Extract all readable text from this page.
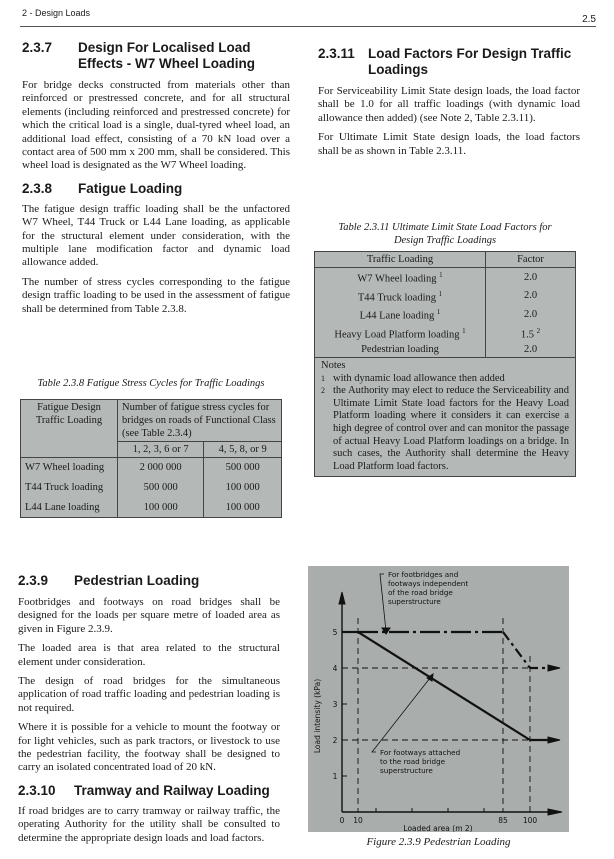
2 - Design Loads
2.5
2.3.7	Design For Localised Load Effects - W7 Wheel Loading

For bridge decks constructed from materials other than reinforced or prestressed concrete, and for all structural elements (including reinforced and prestressed concrete) for which the critical load is a single, dual-tyred wheel load, an additional load effect, consisting of a 70 kN load over a contact area of 500 mm x 200 mm, shall be considered. This wheel load is designated as the W7 Wheel loading.

2.3.8	Fatigue Loading

The fatigue design traffic loading shall be the unfactored W7 Wheel, T44 Truck or L44 Lane loading, as applicable for the structural element under consideration, with the multiple lane modification factor and dynamic load allowance added.

The number of stress cycles corresponding to the fatigue design traffic loading to be used in the assessment of fatigue shall be determined from Table 2.3.8.

Table 2.3.8 Fatigue Stress Cycles for Traffic Loadings
Fatigue Design Traffic Loading	Number of fatigue stress cycles for bridges on roads of Functional Class (see Table 2.3.4)	
	1, 2, 3, 6 or 7	4, 5, 8, or 9
W7 Wheel loading	2 000 000	500 000
T44 Truck loading	500 000	100 000
L44 Lane loading	100 000	100 000
2.3.9	Pedestrian Loading

Footbridges and footways on road bridges shall be designed for the loads per square metre of loaded area as given in Figure 2.3.9.

The loaded area is that area related to the structural element under consideration.

The design of road bridges for the simultaneous application of road traffic loading and pedestrian loading is not required.

Where it is possible for a vehicle to mount the footway or for light vehicles, such as park tractors, or livestock to use the pedestrian facility, the footway shall be designed to carry an isolated concentrated load of 20 kN.

2.3.10	Tramway and Railway Loading

If road bridges are to carry tramway or railway traffic, the operating Authority for the utility shall be consulted to determine the appropriate design loads and load factors.

2.3.11 Load Factors For Design Traffic Loadings

For Serviceability Limit State design loads, the load factor shall be 1.0 for all traffic loadings (with dynamic load allowance then added) (see Note 2, Table 2.3.11).

For Ultimate Limit State design loads, the load factors shall be as shown in Table 2.3.11.

Table 2.3.11 Ultimate Limit State Load Factors for Design Traffic Loadings
Traffic Loading	Factor
W7 Wheel loading $^1$	2.0
T44 Truck loading $^1$	2.0
L44 Lane loading $^1$	2.0
Heavy Load Platform loading $^1$	1.5 $^2$
Pedestrian loading	2.0
Notes
1 with dynamic load allowance then added
2 the Authority may elect to reduce the Serviceability and Ultimate Limit State load factors for the Heavy Load Platform loading where it considers it can exercise a high degree of control over and can monitor the passage of actual Heavy Load Platform loadings on a bridge. In such cases, the Authority shall determine the Heavy Load Platform load factors.
For footbridges and
footways independent
of the road bridge
superstructure
For footways attached
to the road bridge
superstructure
1
2
3
4
5
0 10	85 100
Load intensity (kPa)
Loaded area (m 2)
Figure 2.3.9 Pedestrian Loading
